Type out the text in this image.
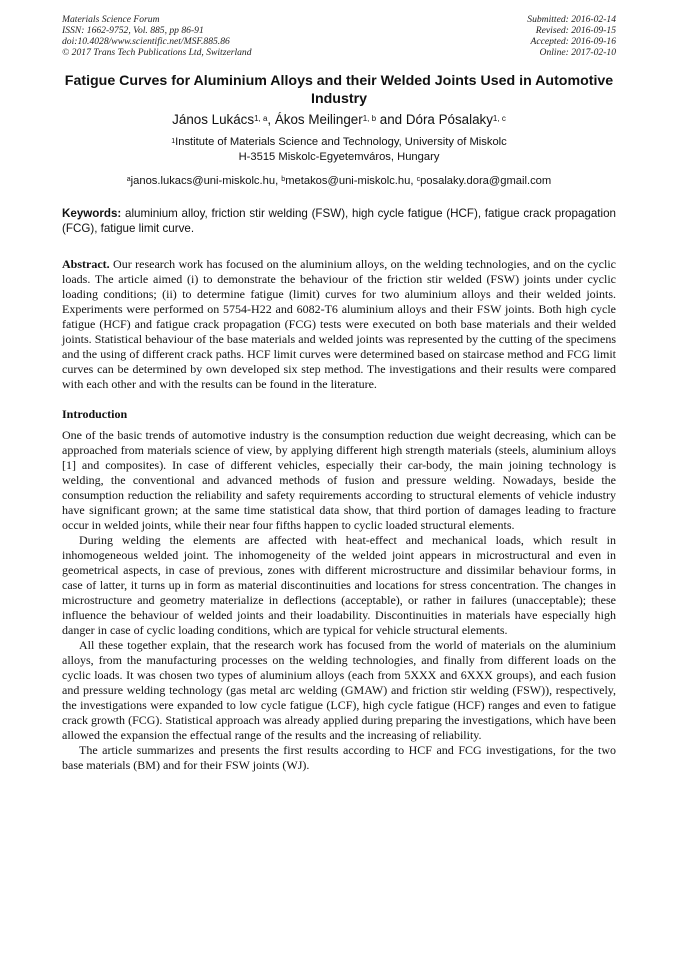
Materials Science Forum
ISSN: 1662-9752, Vol. 885, pp 86-91
doi:10.4028/www.scientific.net/MSF.885.86
© 2017 Trans Tech Publications Ltd, Switzerland
Submitted: 2016-02-14
Revised: 2016-09-15
Accepted: 2016-09-16
Online: 2017-02-10
Fatigue Curves for Aluminium Alloys and their Welded Joints Used in Automotive Industry
János Lukács$^{1, a}$, Ákos Meilinger$^{1, b}$ and Dóra Pósalaky$^{1, c}$
$^1$Institute of Materials Science and Technology, University of Miskolc
H-3515 Miskolc-Egyetemváros, Hungary
$^a$janos.lukacs@uni-miskolc.hu, $^b$metakos@uni-miskolc.hu, $^c$posalaky.dora@gmail.com
Keywords: aluminium alloy, friction stir welding (FSW), high cycle fatigue (HCF), fatigue crack propagation (FCG), fatigue limit curve.
Abstract. Our research work has focused on the aluminium alloys, on the welding technologies, and on the cyclic loads. The article aimed (i) to demonstrate the behaviour of the friction stir welded (FSW) joints under cyclic loading conditions; (ii) to determine fatigue (limit) curves for two aluminium alloys and their welded joints. Experiments were performed on 5754-H22 and 6082-T6 aluminium alloys and their FSW joints. Both high cycle fatigue (HCF) and fatigue crack propagation (FCG) tests were executed on both base materials and their welded joints. Statistical behaviour of the base materials and welded joints was represented by the cutting of the specimens and the using of different crack paths. HCF limit curves were determined based on staircase method and FCG limit curves can be determined by own developed six step method. The investigations and their results were compared with each other and with the results can be found in the literature.
Introduction
One of the basic trends of automotive industry is the consumption reduction due weight decreasing, which can be approached from materials science of view, by applying different high strength materials (steels, aluminium alloys [1] and composites). In case of different vehicles, especially their car-body, the main joining technology is welding, the conventional and advanced methods of fusion and pressure welding. Nowadays, beside the consumption reduction the reliability and safety requirements according to structural elements of vehicle industry have significant grown; at the same time statistical data show, that third portion of damages leading to fracture occur in welded joints, while their near four fifths happen to cyclic loaded structural elements.
During welding the elements are affected with heat-effect and mechanical loads, which result in inhomogeneous welded joint. The inhomogeneity of the welded joint appears in microstructural and even in geometrical aspects, in case of previous, zones with different microstructure and dissimilar behaviour forms, in case of latter, it turns up in form as material discontinuities and locations for stress concentration. The changes in microstructure and geometry materialize in deflections (acceptable), or rather in failures (unacceptable); these influence the behaviour of welded joints and their loadability. Discontinuities in materials have especially high danger in case of cyclic loading conditions, which are typical for vehicle structural elements.
All these together explain, that the research work has focused from the world of materials on the aluminium alloys, from the manufacturing processes on the welding technologies, and finally from different loads on the cyclic loads. It was chosen two types of aluminium alloys (each from 5XXX and 6XXX groups), and each fusion and pressure welding technology (gas metal arc welding (GMAW) and friction stir welding (FSW)), respectively, the investigations were expanded to low cycle fatigue (LCF), high cycle fatigue (HCF) ranges and even to fatigue crack growth (FCG). Statistical approach was already applied during preparing the investigations, which have been allowed the expansion the effectual range of the results and the increasing of reliability.
The article summarizes and presents the first results according to HCF and FCG investigations, for the two base materials (BM) and for their FSW joints (WJ).
